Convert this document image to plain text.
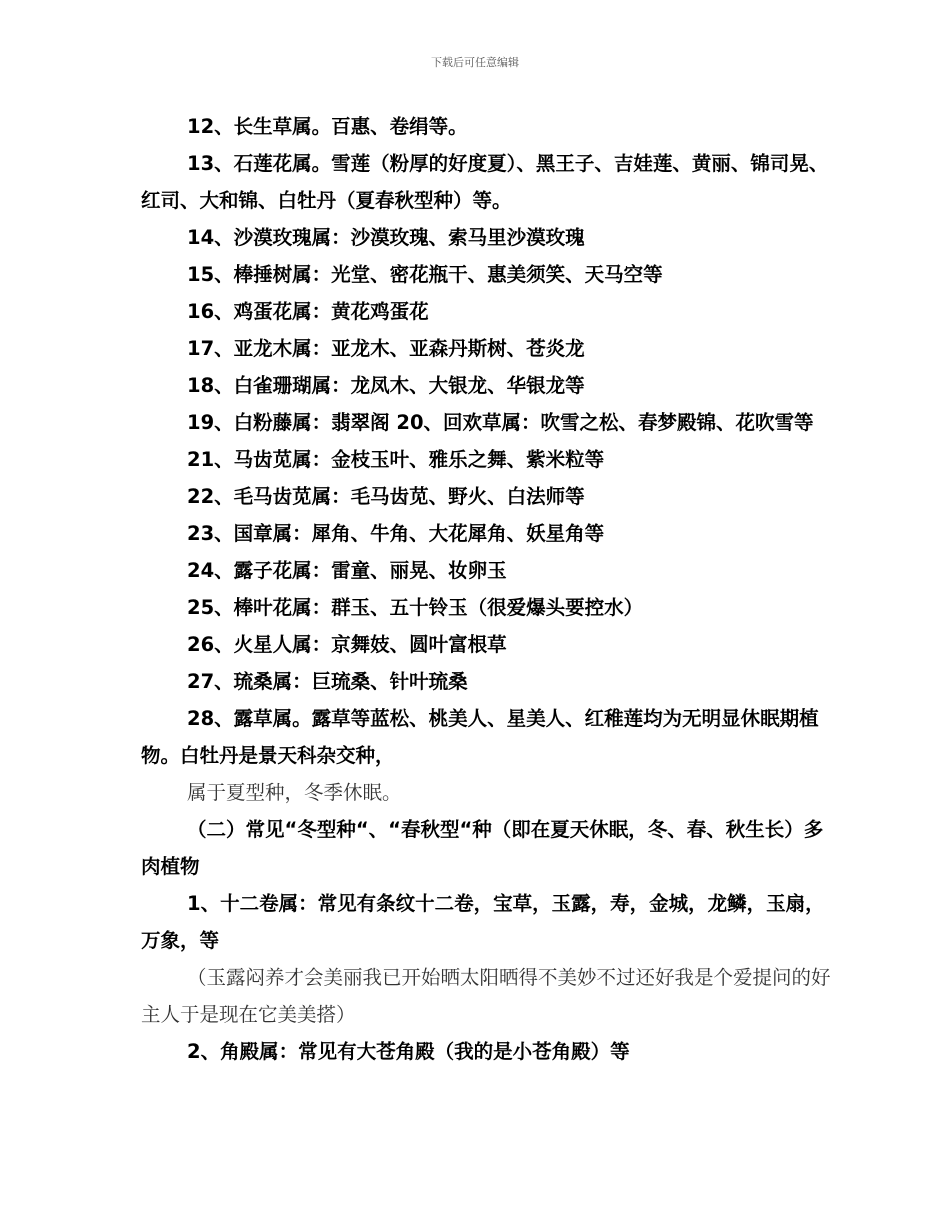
下载后可任意编辑

12、长生草属。百惠、卷绢等。

13、石莲花属。雪莲（粉厚的好度夏）、黑王子、吉娃莲、黄丽、锦司晃、红司、大和锦、白牡丹（夏春秋型种）等。

14、沙漠玫瑰属：沙漠玫瑰、索马里沙漠玫瑰

15、棒捶树属：光堂、密花瓶干、惠美须笑、天马空等

16、鸡蛋花属：黄花鸡蛋花

17、亚龙木属：亚龙木、亚森丹斯树、苍炎龙

18、白雀珊瑚属：龙凤木、大银龙、华银龙等

19、白粉藤属：翡翠阁 20、回欢草属：吹雪之松、春梦殿锦、花吹雪等

21、马齿苋属：金枝玉叶、雅乐之舞、紫米粒等

22、毛马齿苋属：毛马齿苋、野火、白法师等

23、国章属：犀角、牛角、大花犀角、妖星角等

24、露子花属：雷童、丽晃、妆卵玉

25、棒叶花属：群玉、五十铃玉（很爱爆头要控水）

26、火星人属：京舞妓、圆叶富根草

27、琉桑属：巨琉桑、针叶琉桑

28、露草属。露草等蓝松、桃美人、星美人、红稚莲均为无明显休眠期植物。白牡丹是景天科杂交种，

属于夏型种，冬季休眠。

（二）常见“冬型种“、“春秋型“种（即在夏天休眠，冬、春、秋生长）多肉植物

1、十二卷属：常见有条纹十二卷，宝草，玉露，寿，金城，龙鳞，玉扇，万象，等

（玉露闷养才会美丽我已开始晒太阳晒得不美妙不过还好我是个爱提问的好主人于是现在它美美搭）

2、角殿属：常见有大苍角殿（我的是小苍角殿）等
